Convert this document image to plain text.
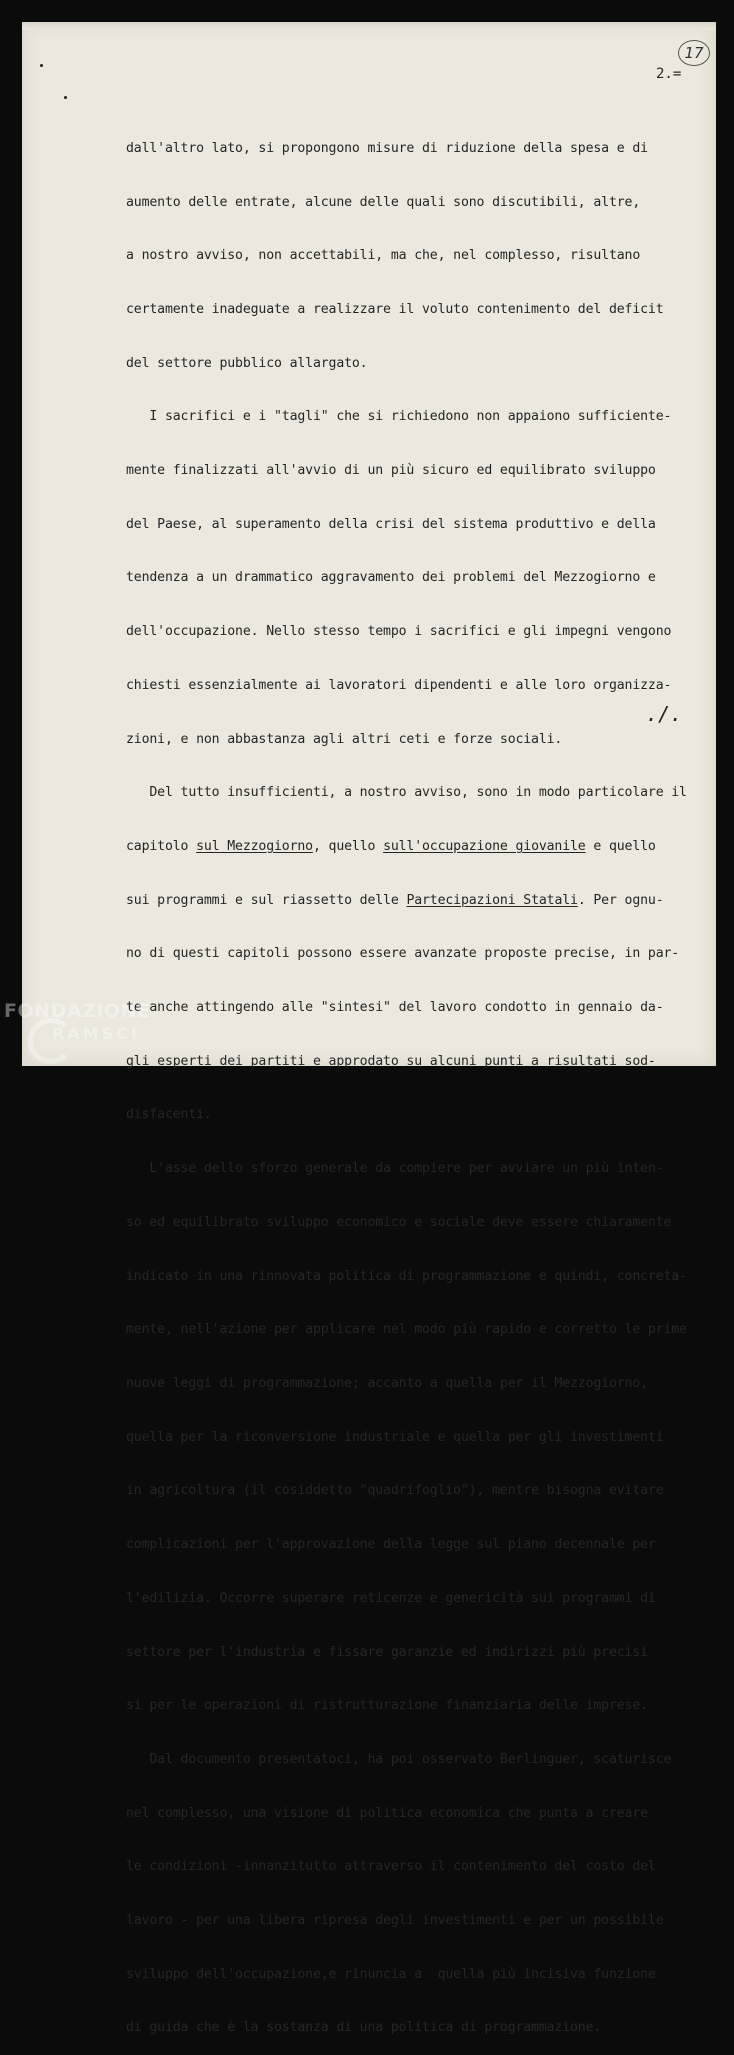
17
2.=

dall'altro lato, si propongono misure di riduzione della spesa e di

aumento delle entrate, alcune delle quali sono discutibili, altre,

a nostro avviso, non accettabili, ma che, nel complesso, risultano

certamente inadeguate a realizzare il voluto contenimento del deficit

del settore pubblico allargato.

I sacrifici e i "tagli" che si richiedono non appaiono sufficiente-

mente finalizzati all'avvio di un più sicuro ed equilibrato sviluppo

del Paese, al superamento della crisi del sistema produttivo e della

tendenza a un drammatico aggravamento dei problemi del Mezzogiorno e

dell'occupazione. Nello stesso tempo i sacrifici e gli impegni vengono

chiesti essenzialmente ai lavoratori dipendenti e alle loro organizza-

zioni, e non abbastanza agli altri ceti e forze sociali.

Del tutto insufficienti, a nostro avviso, sono in modo particolare il

capitolo sul Mezzogiorno, quello sull'occupazione giovanile e quello

sui programmi e sul riassetto delle Partecipazioni Statali. Per ognu-

no di questi capitoli possono essere avanzate proposte precise, in par-

te anche attingendo alle "sintesi" del lavoro condotto in gennaio da-

gli esperti dei partiti e approdato su alcuni punti a risultati sod-

disfacenti.

L'asse dello sforzo generale da compiere per avviare un più inten-

so ed equilibrato sviluppo economico e sociale deve essere chiaramente

indicato in una rinnovata politica di programmazione e quindi, concreta-

mente, nell'azione per applicare nel modo più rapido e corretto le prime

nuove leggi di programmazione; accanto a quella per il Mezzogiorno,

quella per la riconversione industriale e quella per gli investimenti

in agricoltura (il cosiddetto "quadrifoglio"), mentre bisogna evitare

complicazioni per l'approvazione della legge sul piano decennale per

l'edilizia. Occorre superare reticenze e genericità sui programmi di

settore per l'industria e fissare garanzie ed indirizzi più precisi

si per le operazioni di ristrutturazione finanziaria delle imprese.

Dal documento presentatoci, ha poi osservato Berlinguer, scaturisce

nel complesso, una visione di politica economica che punta a creare

le condizioni -innanzitutto attraverso il contenimento del costo del

lavoro - per una libera ripresa degli investimenti e per un possibile

sviluppo dell'occupazione,e rinuncia a  quella più incisiva funzione

di guida che è la sostanza di una politica di programmazione.

./.
FONDAZIONE
RAMSCI
